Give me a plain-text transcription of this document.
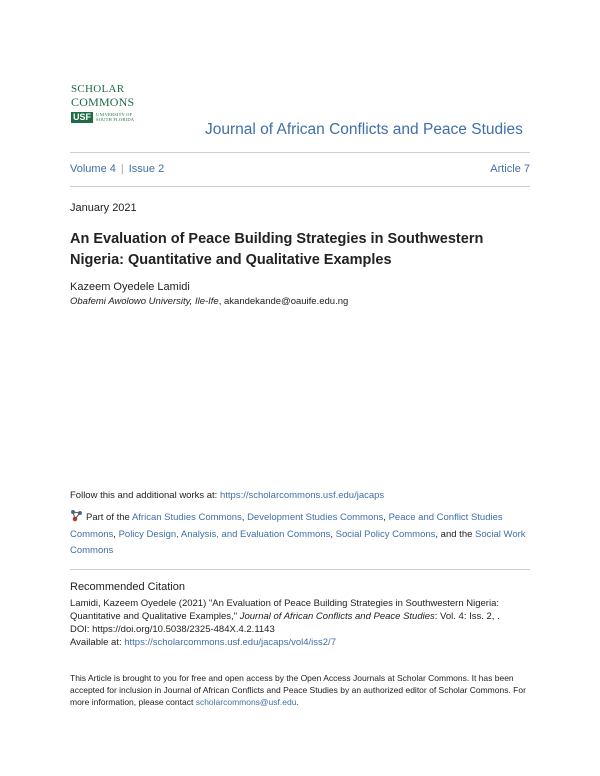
SCHOLAR
COMMONS
USF	UNIVERSITY OF
SOUTH FLORIDA
Journal of African Conflicts and Peace Studies
Volume 4 | Issue 2	Article 7
January 2021
An Evaluation of Peace Building Strategies in Southwestern Nigeria: Quantitative and Qualitative Examples
Kazeem Oyedele Lamidi
Obafemi Awolowo University, Ile-Ife, akandekande@oauife.edu.ng
Follow this and additional works at: https://scholarcommons.usf.edu/jacaps
Part of the African Studies Commons, Development Studies Commons, Peace and Conflict Studies Commons, Policy Design, Analysis, and Evaluation Commons, Social Policy Commons, and the Social Work Commons
Recommended Citation
Lamidi, Kazeem Oyedele (2021) "An Evaluation of Peace Building Strategies in Southwestern Nigeria: Quantitative and Qualitative Examples," Journal of African Conflicts and Peace Studies: Vol. 4: Iss. 2, .
DOI: https://doi.org/10.5038/2325-484X.4.2.1143
Available at: https://scholarcommons.usf.edu/jacaps/vol4/iss2/7
This Article is brought to you for free and open access by the Open Access Journals at Scholar Commons. It has been accepted for inclusion in Journal of African Conflicts and Peace Studies by an authorized editor of Scholar Commons. For more information, please contact scholarcommons@usf.edu.
